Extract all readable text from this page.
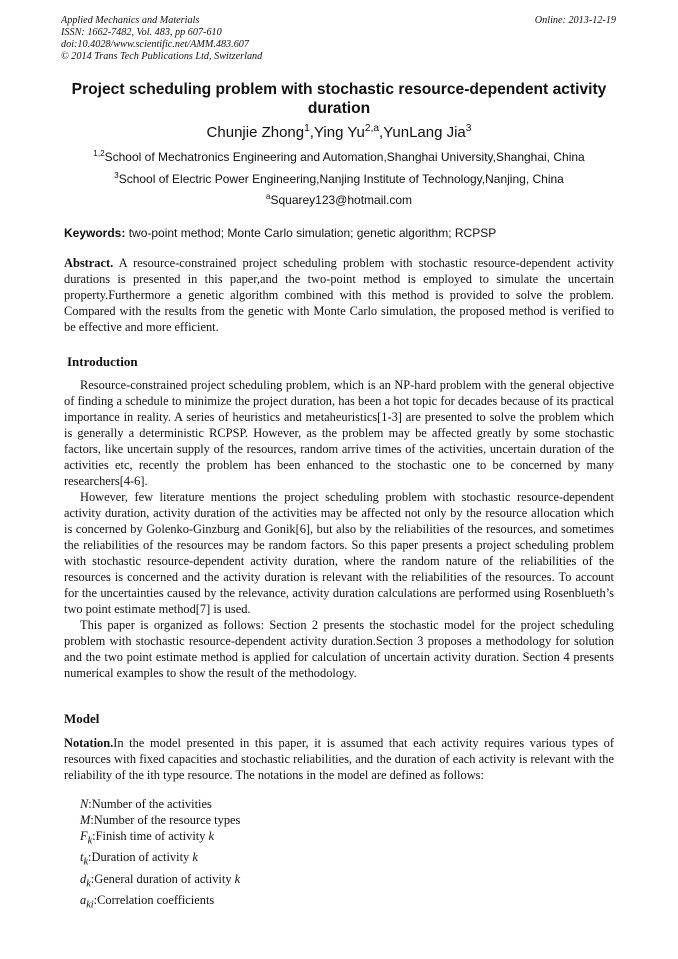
Applied Mechanics and Materials
ISSN: 1662-7482, Vol. 483, pp 607-610
doi:10.4028/www.scientific.net/AMM.483.607
© 2014 Trans Tech Publications Ltd, Switzerland
Online: 2013-12-19
Project scheduling problem with stochastic resource-dependent activity duration
Chunjie Zhong$^1$,Ying Yu$^{2,a}$,YunLang Jia$^3$
$^{1,2}$School of Mechatronics Engineering and Automation,Shanghai University,Shanghai, China
$^3$School of Electric Power Engineering,Nanjing Institute of Technology,Nanjing, China
$^a$Squarey123@hotmail.com
Keywords: two-point method; Monte Carlo simulation; genetic algorithm; RCPSP

Abstract. A resource-constrained project scheduling problem with stochastic resource-dependent activity durations is presented in this paper,and the two-point method is employed to simulate the uncertain property.Furthermore a genetic algorithm combined with this method is provided to solve the problem. Compared with the results from the genetic with Monte Carlo simulation, the proposed method is verified to be effective and more efficient.

Introduction

Resource-constrained project scheduling problem, which is an NP-hard problem with the general objective of finding a schedule to minimize the project duration, has been a hot topic for decades because of its practical importance in reality. A series of heuristics and metaheuristics[1-3] are presented to solve the problem which is generally a deterministic RCPSP. However, as the problem may be affected greatly by some stochastic factors, like uncertain supply of the resources, random arrive times of the activities, uncertain duration of the activities etc, recently the problem has been enhanced to the stochastic one to be concerned by many researchers[4-6].

However, few literature mentions the project scheduling problem with stochastic resource-dependent activity duration, activity duration of the activities may be affected not only by the resource allocation which is concerned by Golenko-Ginzburg and Gonik[6], but also by the reliabilities of the resources, and sometimes the reliabilities of the resources may be random factors. So this paper presents a project scheduling problem with stochastic resource-dependent activity duration, where the random nature of the reliabilities of the resources is concerned and the activity duration is relevant with the reliabilities of the resources. To account for the uncertainties caused by the relevance, activity duration calculations are performed using Rosenblueth’s two point estimate method[7] is used.

This paper is organized as follows: Section 2 presents the stochastic model for the project scheduling problem with stochastic resource-dependent activity duration.Section 3 proposes a methodology for solution and the two point estimate method is applied for calculation of uncertain activity duration. Section 4 presents numerical examples to show the result of the methodology.

Model

Notation.In the model presented in this paper, it is assumed that each activity requires various types of resources with fixed capacities and stochastic reliabilities, and the duration of each activity is relevant with the reliability of the ith type resource. The notations in the model are defined as follows:

N:Number of the activities
M:Number of the resource types
$F_k:Finish$ time of activity k
$t_k:Duration$ of activity k
$d_k:General$ duration of activity k
$a_{ki}:Correlation$ coefficients
